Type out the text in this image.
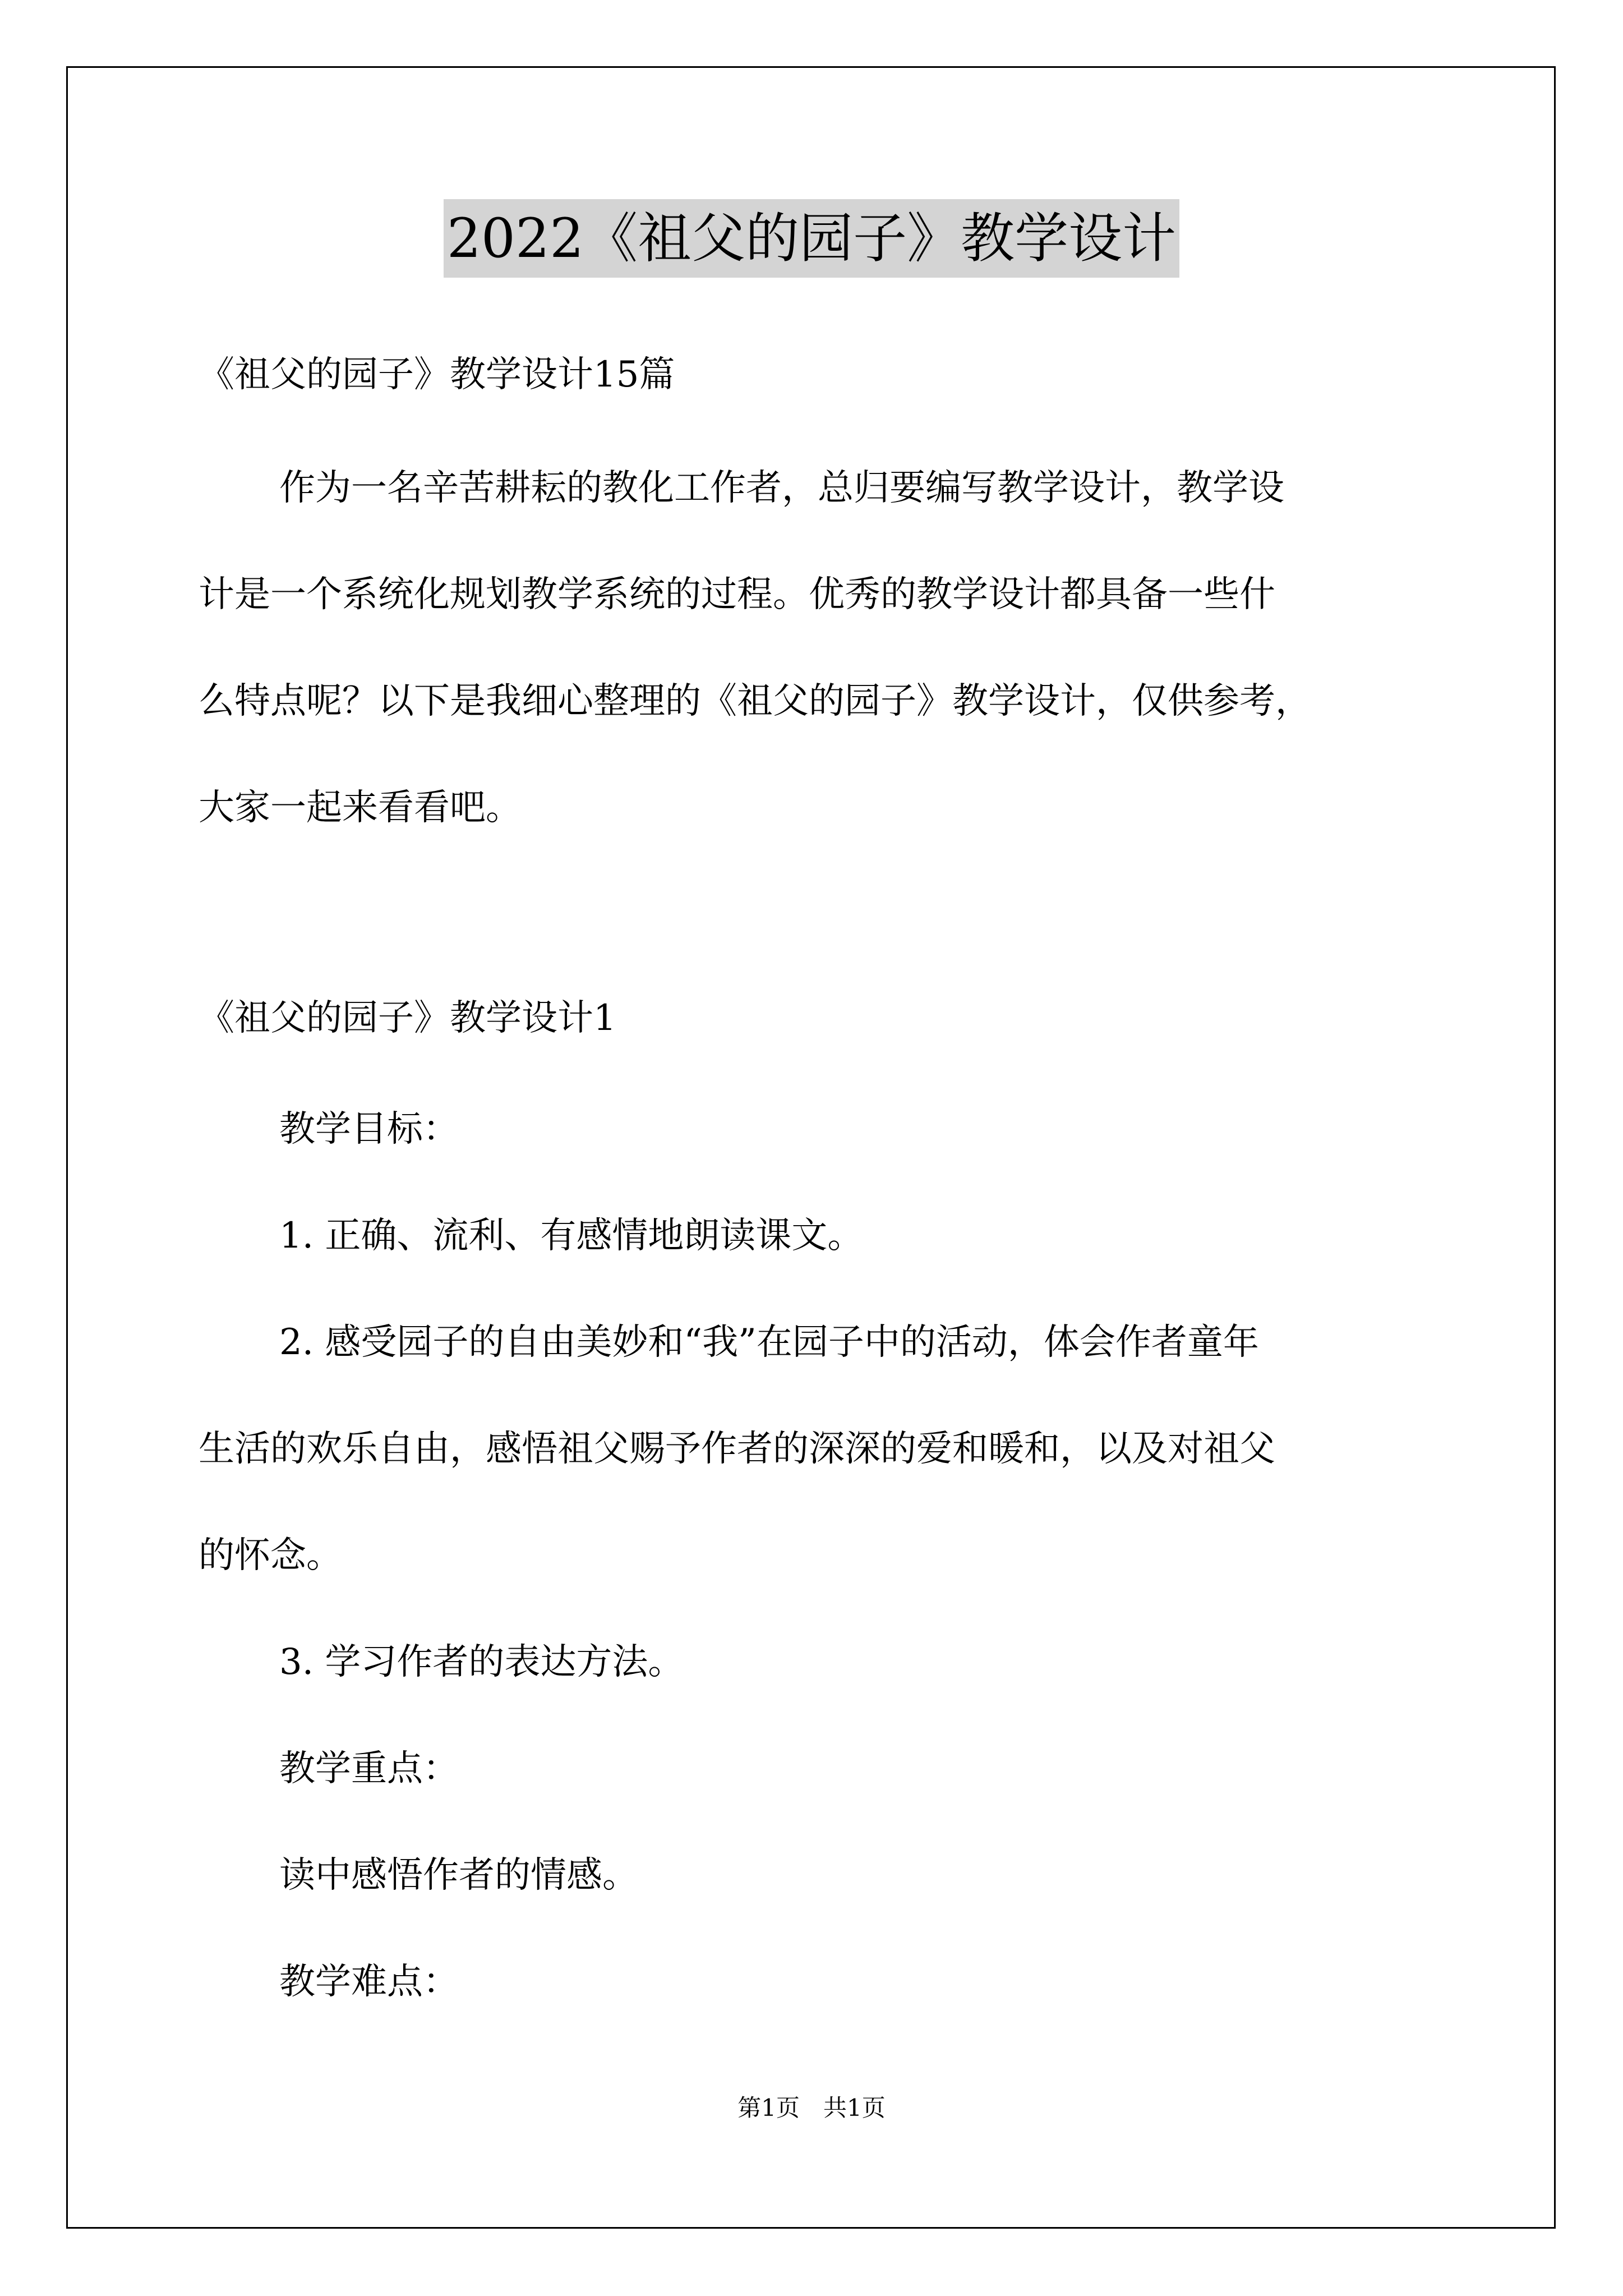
2022《祖父的园子》教学设计
《祖父的园子》教学设计15篇
作为一名辛苦耕耘的教化工作者，总归要编写教学设计，教学设
计是一个系统化规划教学系统的过程。优秀的教学设计都具备一些什
么特点呢？以下是我细心整理的《祖父的园子》教学设计，仅供参考，
大家一起来看看吧。
《祖父的园子》教学设计1
教学目标：
1. 正确、流利、有感情地朗读课文。
2. 感受园子的自由美妙和“我”在园子中的活动，体会作者童年
生活的欢乐自由，感悟祖父赐予作者的深深的爱和暖和，以及对祖父
的怀念。
3. 学习作者的表达方法。
教学重点：
读中感悟作者的情感。
教学难点：
第1页　共1页
